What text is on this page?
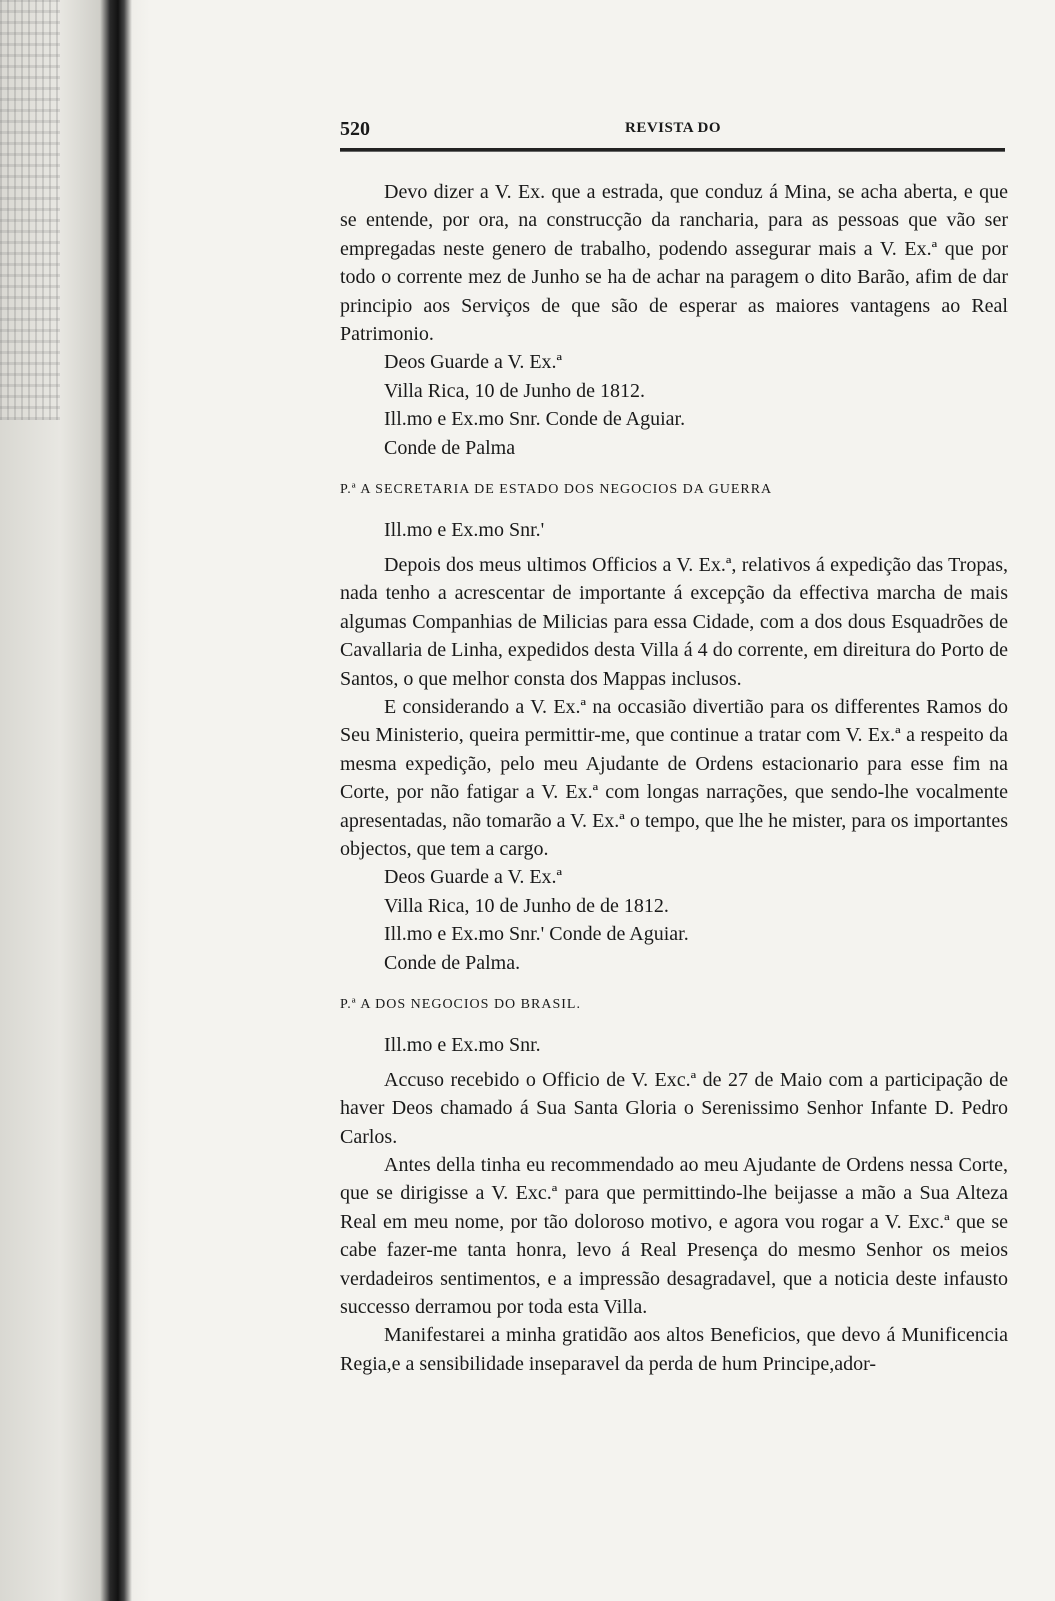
520	REVISTA DO

Devo dizer a V. Ex. que a estrada, que conduz á Mina, se acha aberta, e que se entende, por ora, na construcção da rancharia, para as pessoas que vão ser empregadas neste genero de trabalho, podendo assegurar mais a V. Ex.ª que por todo o corrente mez de Junho se ha de achar na paragem o dito Barão, afim de dar principio aos Serviços de que são de esperar as maiores vantagens ao Real Patrimonio.

Deos Guarde a V. Ex.ª

Villa Rica, 10 de Junho de 1812.

Ill.mo e Ex.mo Snr. Conde de Aguiar.

Conde de Palma

P.ª A SECRETARIA DE ESTADO DOS NEGOCIOS DA GUERRA

Ill.mo e Ex.mo Snr.'

Depois dos meus ultimos Officios a V. Ex.ª, relativos á expedição das Tropas, nada tenho a acrescentar de importante á excepção da effectiva marcha de mais algumas Companhias de Milicias para essa Cidade, com a dos dous Esquadrões de Cavallaria de Linha, expedidos desta Villa á 4 do corrente, em direitura do Porto de Santos, o que melhor consta dos Mappas inclusos.

E considerando a V. Ex.ª na occasião divertião para os differentes Ramos do Seu Ministerio, queira permittir-me, que continue a tratar com V. Ex.ª a respeito da mesma expedição, pelo meu Ajudante de Ordens estacionario para esse fim na Corte, por não fatigar a V. Ex.ª com longas narrações, que sendo-lhe vocalmente apresentadas, não tomarão a V. Ex.ª o tempo, que lhe he mister, para os importantes objectos, que tem a cargo.

Deos Guarde a V. Ex.ª

Villa Rica, 10 de Junho de de 1812.

Ill.mo e Ex.mo Snr.' Conde de Aguiar.

Conde de Palma.

P.ª A DOS NEGOCIOS DO BRASIL.

Ill.mo e Ex.mo Snr.

Accuso recebido o Officio de V. Exc.ª de 27 de Maio com a participação de haver Deos chamado á Sua Santa Gloria o Serenissimo Senhor Infante D. Pedro Carlos.

Antes della tinha eu recommendado ao meu Ajudante de Ordens nessa Corte, que se dirigisse a V. Exc.ª para que permittindo-lhe beijasse a mão a Sua Alteza Real em meu nome, por tão doloroso motivo, e agora vou rogar a V. Exc.ª que se cabe fazer-me tanta honra, levo á Real Presença do mesmo Senhor os meios verdadeiros sentimentos, e a impressão desagradavel, que a noticia deste infausto successo derramou por toda esta Villa.

Manifestarei a minha gratidão aos altos Beneficios, que devo á Munificencia Regia,e a sensibilidade inseparavel da perda de hum Principe,ador-
